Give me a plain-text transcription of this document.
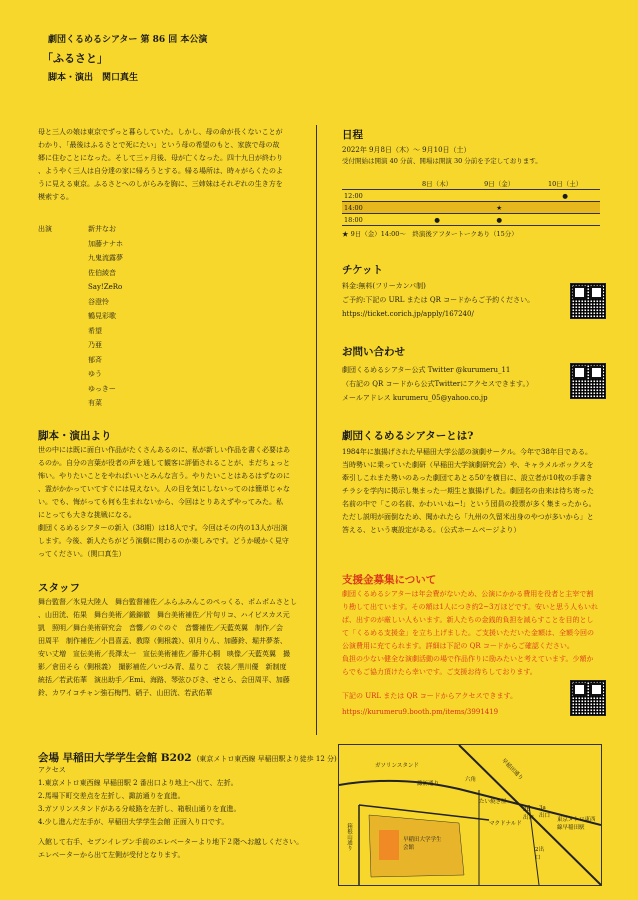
劇団くるめるシアター 第 86 回 本公演
「ふるさと」
脚本・演出　関口真生
母と三人の娘は東京でずっと暮らしていた。しかし、母の命が長くないことが
わかり、「最後はふるさとで死にたい」という母の希望のもと、家族で母の故
郷に住むことになった。そして三ヶ月後、母が亡くなった。四十九日が終わり
、ようやく三人は自分達の家に帰ろうとする。帰る場所は、時々がらくたのよ
うに見える東京。ふるさとへのしがらみを胸に、三姉妹はそれぞれの生き方を
模索する。
出演	新井なお
加藤ナナホ
九鬼流露夢
佐伯綾音
Say!ZeRo
谷澄怜
鶴見彩歌
希望
乃亜
郁斉
ゆう
ゆっきー
有菜
脚本・演出より
世の中には既に面白い作品がたくさんあるのに、私が新しい作品を書く必要はあ
るのか。自分の言葉が役者の声を通して観客に評価されることが、まだちょっと
怖い。やりたいことをやればいいとみんな言う。やりたいことはあるはずなのに
、霊がかかっていてすぐには見えない。人の目を気にしないってのは簡単じゃな
い。でも、悔がっても何も生まれないから、今回はとりあえずやってみた。私
にとっても大きな挑戦になる。
劇団くるめるシアターの新入（38期）は18人です。今回はその内の13人が出演
します。今後、新人たちがどう演劇に関わるのか楽しみです。どうか暖かく見守
ってください。（関口真生）
スタッフ
舞台監督／氷見大陸人　舞台監督補佐／ふらふみんこのぺっくる、ポムポムさとし
、山田洸、佑果　舞台美術／鍛錦徹　舞台美術補佐／片句リコ、ハイビスカス元
凱　照明／舞台美術研究会　音響／のぐのぐ　音響補佐／天藍英翼　制作／会
田周平　制作補佐／小昌喜孟、教際（側根義）、卯月りん、加藤鈴、堀井夢茶、
安い丈増　宣伝美術／長澤太一　宣伝美術補佐／藤井心桐　映像／天藍英翼　撮
影／倉田そら（側根義）　撮影補佐／いづみ青、星りこ　衣装／黒川優　新制度
統括／若武佑華　演出助手／Emi、海路、琴弦ひびき、せとら、会田周平、加藤
鈴、カワイコチャン強石梅門、硝子、山田洸、若武佑華
日程
2022年 9月8日（木）～ 9月10日（土）
受付開始は開演 40 分前、開場は開演 30 分前を予定しております。
	8日（木）	9日（金）	10日（土）
12:00			●
14:00		★	
18:00	●	●	
★ 9日（金）14:00～　終演後アフタートークあり（15分）
チケット
料金:無料(フリーカンパ制)
ご予約:下記の URL または QR コードからご予約ください。
https://ticket.corich.jp/apply/167240/
お問い合わせ
劇団くるめるシアター公式 Twitter @kurumeru_11
（右記の QR コードから公式Twitterにアクセスできます。）
メールアドレス kurumeru_05@yahoo.co.jp
劇団くるめるシアターとは?
1984年に旗揚げされた早稲田大学公認の演劇サークル。今年で38年目である。
当時勢いに乗っていた劇研（早稲田大学演劇研究会）や、キャラメルボックスを
牽引しこれまた勢いのあった劇団てあとる50'を横目に、設立者が10枚の手書き
チラシを学内に掲示し集まった一期生と旗揚げした。劇団名の由来は待ち寄った
名前の中で「この名前、かわいいね~!」という団員の投票が多く集まったから。
ただし説明が面倒なため、聞かれたら「九州の久留米出身のやつが多いから」と
答える、という裏設定がある。（公式ホームページより）
支援金募集について
劇団くるめるシアターは年会費がないため、公演にかかる費用を役者と主宰で割
り勘して出ています。その額は1人につき約2~3万ほどです。安いと思う人もいれ
ば、出すのが厳しい人もいます。新人たちの金銭的負担を減らすことを目的とし
て「くるめる支援金」を立ち上げました。ご支援いただいた金額は、全額今回の
公演費用に充てられます。詳細は下記の QR コードからご確認ください。
負担の少ない健全な演劇活動の場で作品作りに励みたいと考えています。少額か
らでもご協力頂けたら幸いです。ご支援お待ちしております。
下記の URL または QR コードからアクセスできます。
https://kurumeru9.booth.pm/items/3991419
会場 早稲田大学学生会館 B202 (東京メトロ東西線 早稲田駅より徒歩 12 分)
アクセス
1.東京メトロ東西線 早稲田駅 2 番出口より地上へ出て、左折。
2.馬場下町交差点を左折し、諏訪通りを直進。
3.ガソリンスタンドがある分岐路を左折し、箱根山通りを直進。
4.少し進んだ左手が、早稲田大学学生会館 正面入り口です。
入館して右手、セブンイレブン手前のエレベーターより地下２階へお越しください。
エレベーターから出て左側が受付となります。
ガソリンスタンド
諏訪通り
六角	早稲田通り
箱根山通り	早稲田大学学生会館
たい焼き屋
マクドナルド
3b出口
3a出口
東京メトロ東西線早稲田駅
2出口
